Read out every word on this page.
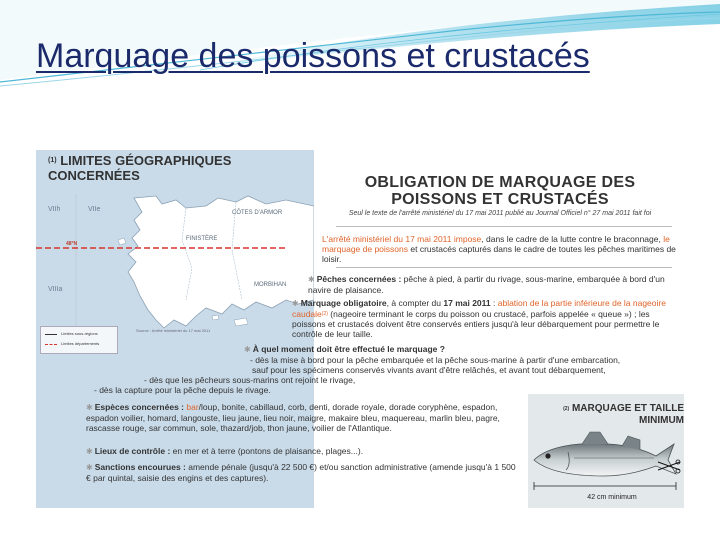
Marquage des poissons et crustacés
$^{(1)}$ LIMITES GÉOGRAPHIQUES CONCERNÉES
VIIh	VIIe
VIIIa
48°N
FINISTÈRE
CÔTES D'ARMOR
MORBIHAN
Limites sous-régions
Limites départements
Source : Arrêté ministériel du 17 mai 2011
OBLIGATION DE MARQUAGE DES POISSONS ET CRUSTACÉS
Seul le texte de l'arrêté ministériel du 17 mai 2011 publié au Journal Officiel n° 27 mai 2011 fait foi
L'arrêté ministériel du 17 mai 2011 impose, dans le cadre de la lutte contre le braconnage, le marquage de poissons et crustacés capturés dans le cadre de toutes les pêches maritimes de loisir.
✱ Pêches concernées : pêche à pied, à partir du rivage, sous-marine, embarquée à bord d'un navire de plaisance.
✱ Marquage obligatoire, à compter du 17 mai 2011 : ablation de la partie inférieure de la nageoire caudale$^{(2)}$ (nageoire terminant le corps du poisson ou crustacé, parfois appelée « queue ») ; les poissons et crustacés doivent être conservés entiers jusqu'à leur débarquement pour permettre le contrôle de leur taille.
✱ À quel moment doit être effectué le marquage ?
- dès la mise à bord pour la pêche embarquée et la pêche sous-marine à partir d'une embarcation,
sauf pour les spécimens conservés vivants avant d'être relâchés, et avant tout débarquement,
- dès que les pêcheurs sous-marins ont rejoint le rivage,
- dès la capture pour la pêche depuis le rivage.
✱ Espèces concernées : bar/loup, bonite, cabillaud, corb, denti, dorade royale, dorade coryphène, espadon, espadon voilier, homard, langouste, lieu jaune, lieu noir, maigre, makaire bleu, maquereau, marlin bleu, pagre, rascasse rouge, sar commun, sole, thazard/job, thon jaune, voilier de l'Atlantique.
✱ Lieux de contrôle : en mer et à terre (pontons de plaisance, plages...).
✱ Sanctions encourues : amende pénale (jusqu'à 22 500 €) et/ou sanction administrative (amende jusqu'à 1 500 € par quintal, saisie des engins et des captures).
$^{(2)}$ MARQUAGE ET TAILLE MINIMUM
42 cm minimum
